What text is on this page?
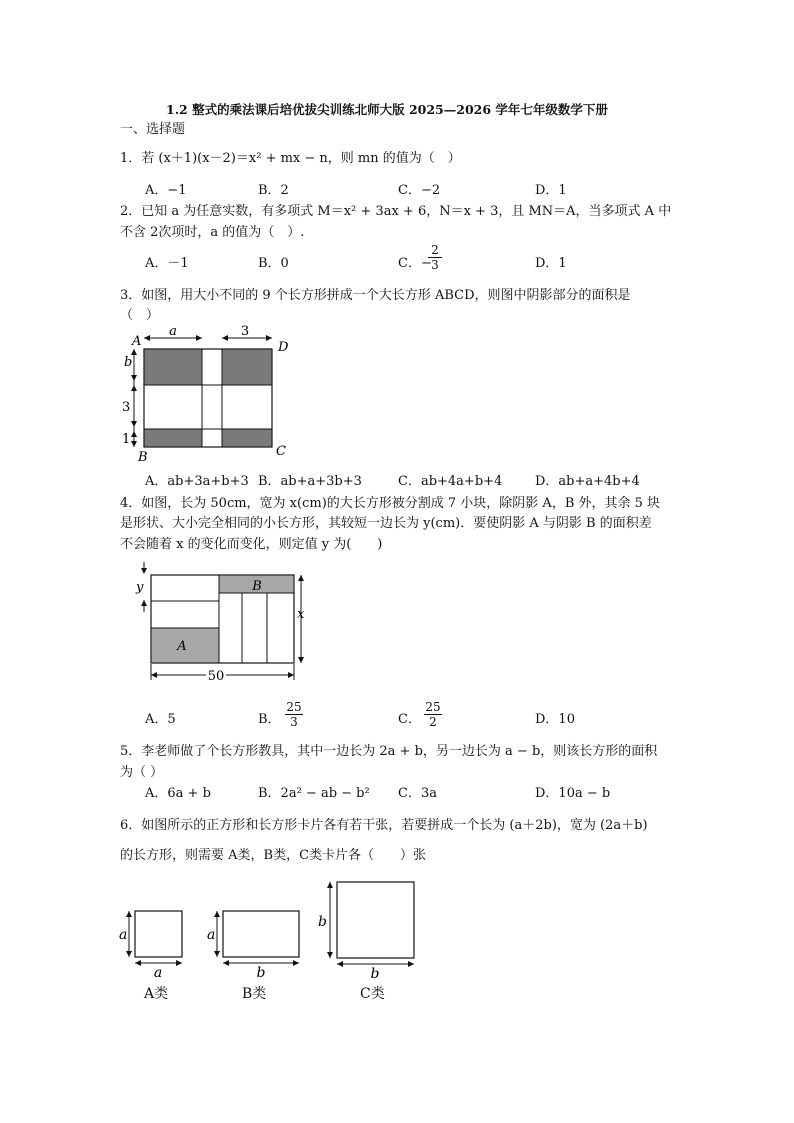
1.2 整式的乘法课后培优拔尖训练北师大版 2025—2026 学年七年级数学下册
一、选择题
1．若 (x＋1)(x－2)＝x² + mx − n，则 mn 的值为（　）
A．−1	B．2	C．−2	D．1
2．已知 a 为任意实数，有多项式 M＝x² + 3ax + 6，N＝x + 3，且 MN＝A，当多项式 A 中
不含 2次项时，a 的值为（　）.
A．－1	B．0	C．−
$\frac{2}{3}$	D．1
3．如图，用大小不同的 9 个长方形拼成一个大长方形 ABCD，则图中阴影部分的面积是
（　）
a	3
b
3
1
A	D
B	C
A．ab+3a+b+3 B．ab+a+3b+3	C．ab+4a+b+4	D．ab+a+4b+4
4．如图，长为 50cm，宽为 x(cm)的大长方形被分割成 7 小块，除阴影 A，B 外，其余 5 块
是形状、大小完全相同的小长方形，其较短一边长为 y(cm)．要使阴影 A 与阴影 B 的面积差
不会随着 x 的变化而变化，则定值 y 为(　　)
y
A
B
x
50
A．5	B． $\frac{25}{3}$	C． $\frac{25}{2}$	D．10
5．李老师做了个长方形教具，其中一边长为 2a + b，另一边长为 a − b，则该长方形的面积
为（ ）
A．6a + b	B．2a² − ab − b² C．3a	D．10a − b
6．如图所示的正方形和长方形卡片各有若干张，若要拼成一个长为 (a＋2b)，宽为 (2a＋b)
的长方形，则需要 A类，B类，C类卡片各（　　）张
a
a
A类
a
b
B类
b
b
C类
